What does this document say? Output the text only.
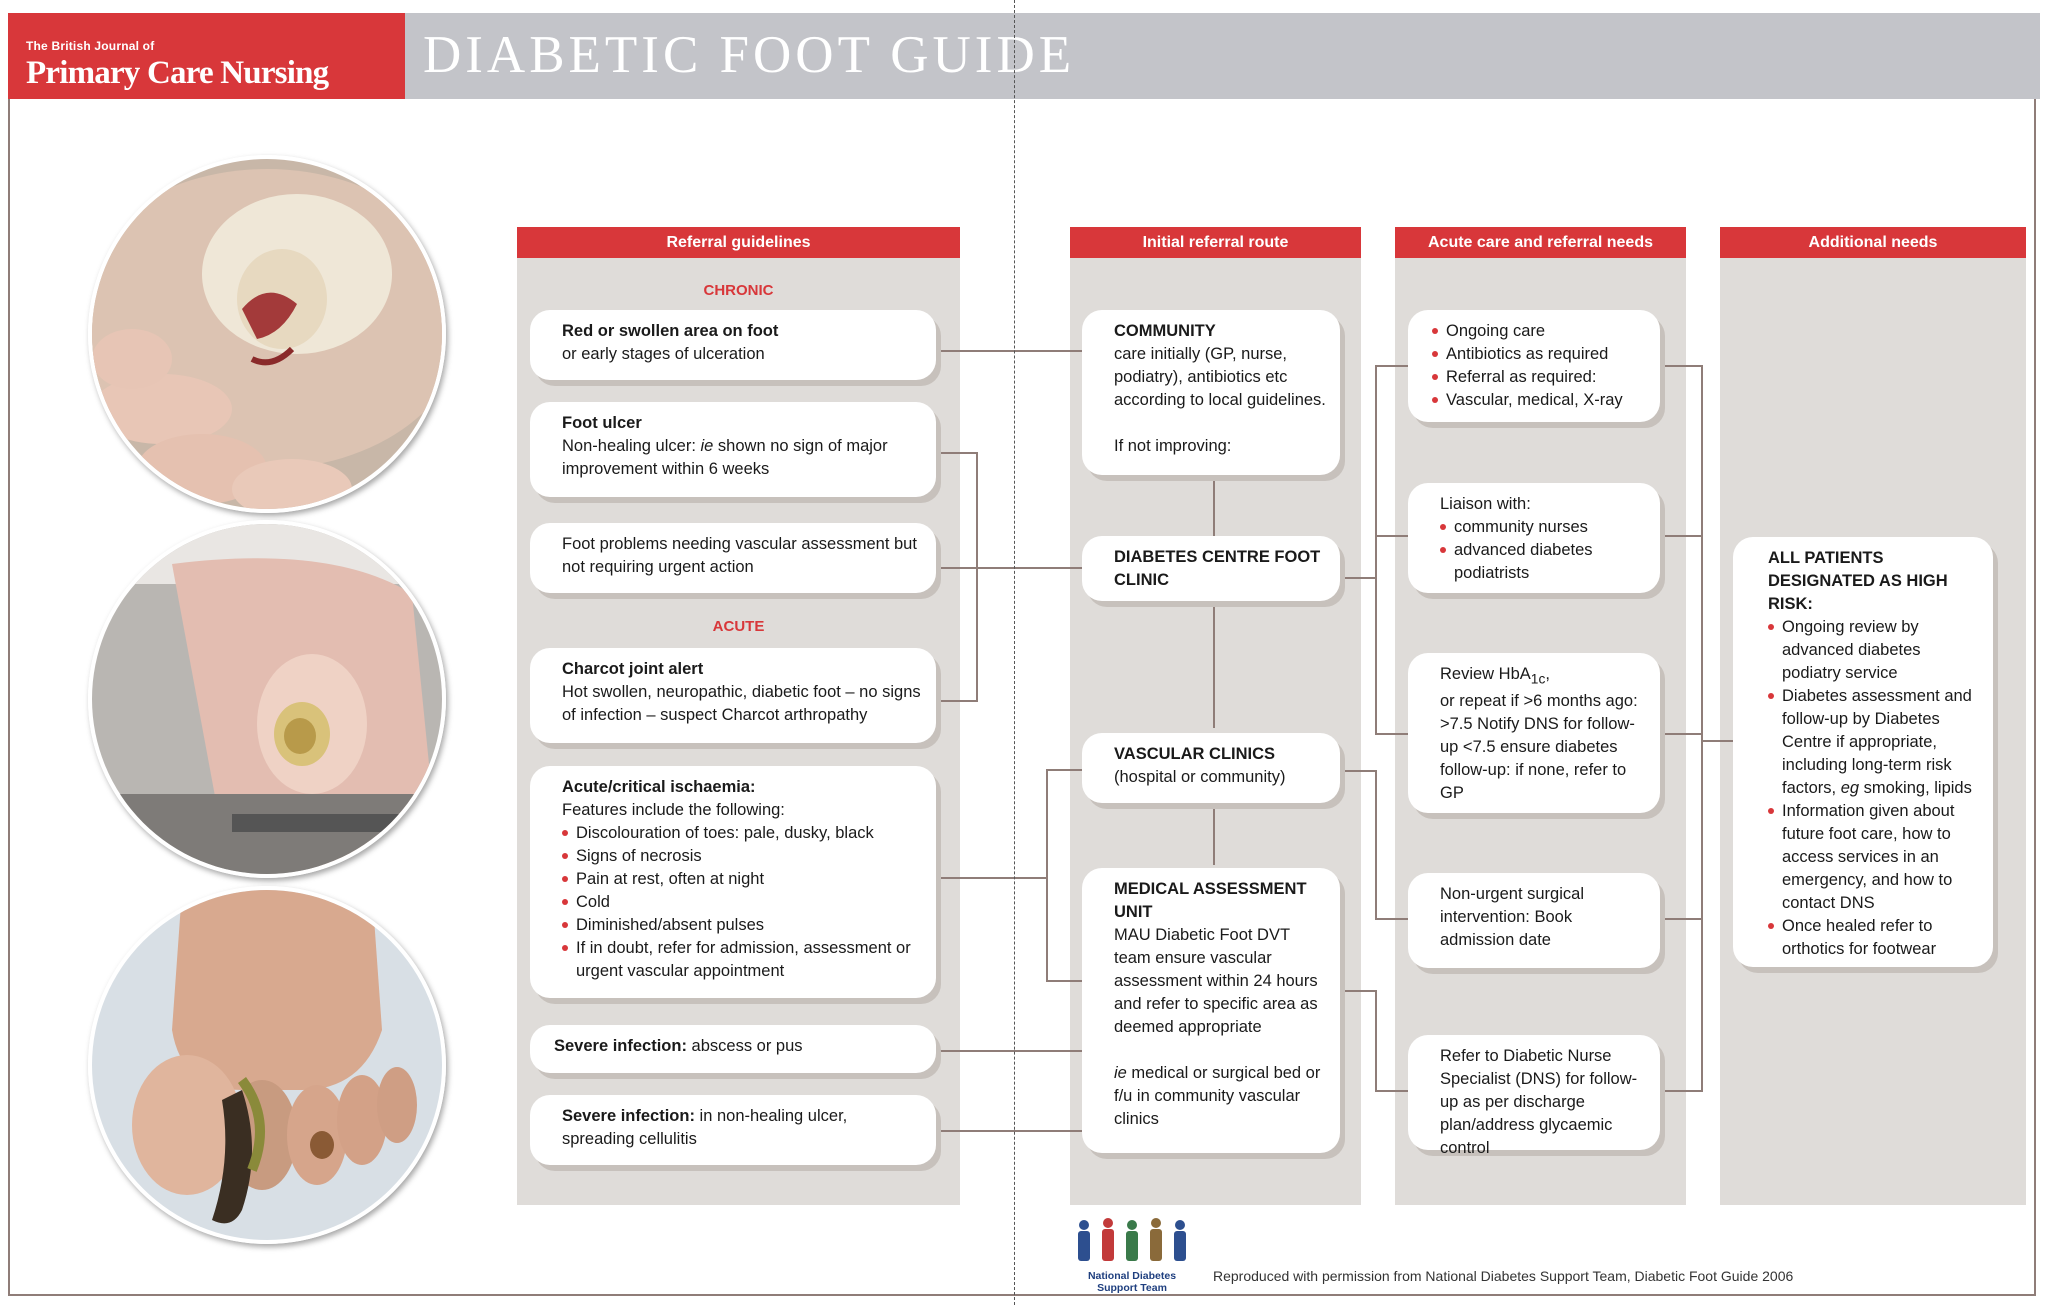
The British Journal of
Primary Care Nursing DIABETIC FOOT GUIDE
Referral guidelines	Initial referral route	Acute care and referral needs	Additional needs
CHRONIC
ACUTE
Red or swollen area on foot
or early stages of ulceration
Foot ulcer
Non-healing ulcer: ie shown no sign of major improvement within 6 weeks
Foot problems needing vascular assessment but not requiring urgent action
Charcot joint alert
Hot swollen, neuropathic, diabetic foot – no signs of infection – suspect Charcot arthropathy
Acute/critical ischaemia:
Features include the following:
Discolouration of toes: pale, dusky, black
Signs of necrosis
Pain at rest, often at night
Cold
Diminished/absent pulses
If in doubt, refer for admission, assessment or urgent vascular appointment
Severe infection: abscess or pus
Severe infection: in non-healing ulcer, spreading cellulitis
COMMUNITY
care initially (GP, nurse, podiatry), antibiotics etc according to local guidelines.
If not improving:
DIABETES CENTRE FOOT CLINIC
VASCULAR CLINICS
(hospital or community)
MEDICAL ASSESSMENT UNIT
MAU Diabetic Foot DVT team ensure vascular assessment within 24 hours and refer to specific area as deemed appropriate
ie medical or surgical bed or f/u in community vascular clinics
Ongoing care
Antibiotics as required
Referral as required:
Vascular, medical, X-ray
Liaison with:
community nurses
advanced diabetes podiatrists
Review HbA$_{1c}$,
or repeat if >6 months ago: >7.5 Notify DNS for follow-up <7.5 ensure diabetes follow-up: if none, refer to GP
Non-urgent surgical intervention: Book admission date
Refer to Diabetic Nurse Specialist (DNS) for follow-up as per discharge plan/address glycaemic control
ALL PATIENTS DESIGNATED AS HIGH RISK:
Ongoing review by advanced diabetes podiatry service
Diabetes assessment and follow-up by Diabetes Centre if appropriate, including long-term risk factors, eg smoking, lipids
Information given about future foot care, how to access services in an emergency, and how to contact DNS
Once healed refer to orthotics for footwear
National Diabetes
Support Team
Reproduced with permission from National Diabetes Support Team, Diabetic Foot Guide 2006
